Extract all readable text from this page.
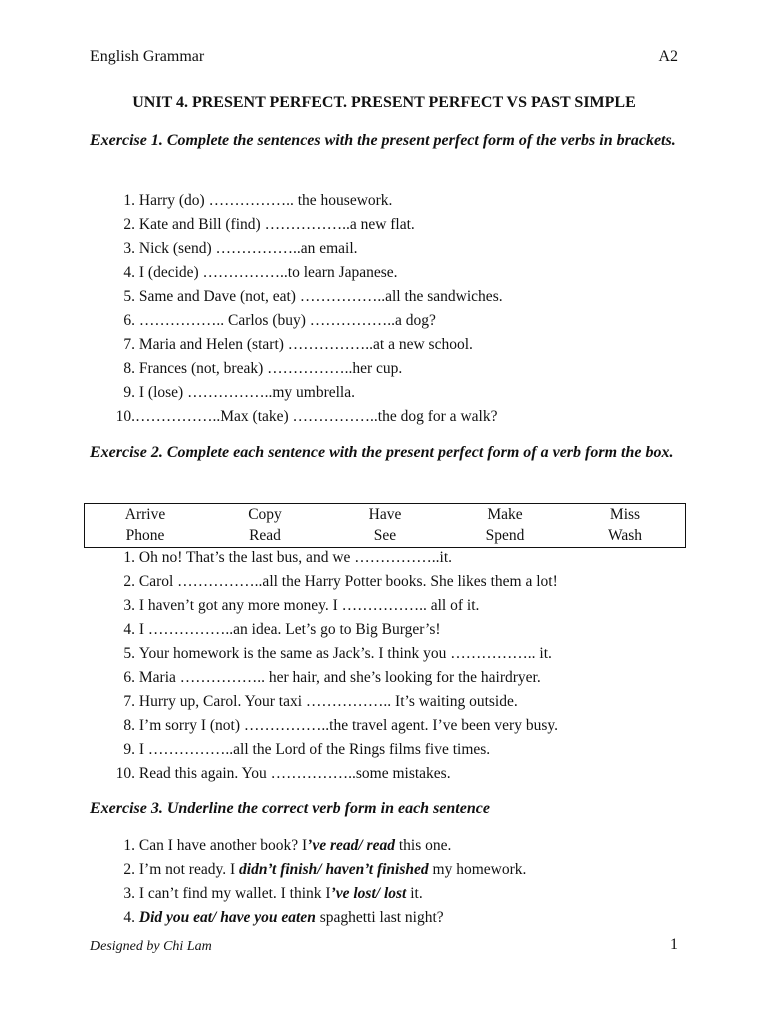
English Grammar	A2
UNIT 4. PRESENT PERFECT. PRESENT PERFECT VS PAST SIMPLE
Exercise 1. Complete the sentences with the present perfect form of the verbs in brackets.
1. Harry (do) …………….. the housework.
2. Kate and Bill (find) ……………..a new flat.
3. Nick (send) ……………..an email.
4. I (decide) ……………..to learn Japanese.
5. Same and Dave (not, eat) ……………..all the sandwiches.
6. …………….. Carlos (buy) ……………..a dog?
7. Maria and Helen (start) ……………..at a new school.
8. Frances (not, break) ……………..her cup.
9. I (lose) ……………..my umbrella.
10.……………..Max (take) ……………..the dog for a walk?
Exercise 2. Complete each sentence with the present perfect form of a verb form the box.
Arrive	Copy	Have	Make	Miss
Phone	Read	See	Spend	Wash
1. Oh no! That’s the last bus, and we ……………..it.
2. Carol ……………..all the Harry Potter books. She likes them a lot!
3. I haven’t got any more money. I …………….. all of it.
4. I ……………..an idea. Let’s go to Big Burger’s!
5. Your homework is the same as Jack’s. I think you …………….. it.
6. Maria …………….. her hair, and she’s looking for the hairdryer.
7. Hurry up, Carol. Your taxi …………….. It’s waiting outside.
8. I’m sorry I (not) ……………..the travel agent. I’ve been very busy.
9. I ……………..all the Lord of the Rings films five times.
10. Read this again. You ……………..some mistakes.
Exercise 3. Underline the correct verb form in each sentence
1. Can I have another book? I’ve read/ read this one.
2. I’m not ready. I didn’t finish/ haven’t finished my homework.
3. I can’t find my wallet. I think I’ve lost/ lost it.
4. Did you eat/ have you eaten spaghetti last night?
Designed by Chi Lam	1
